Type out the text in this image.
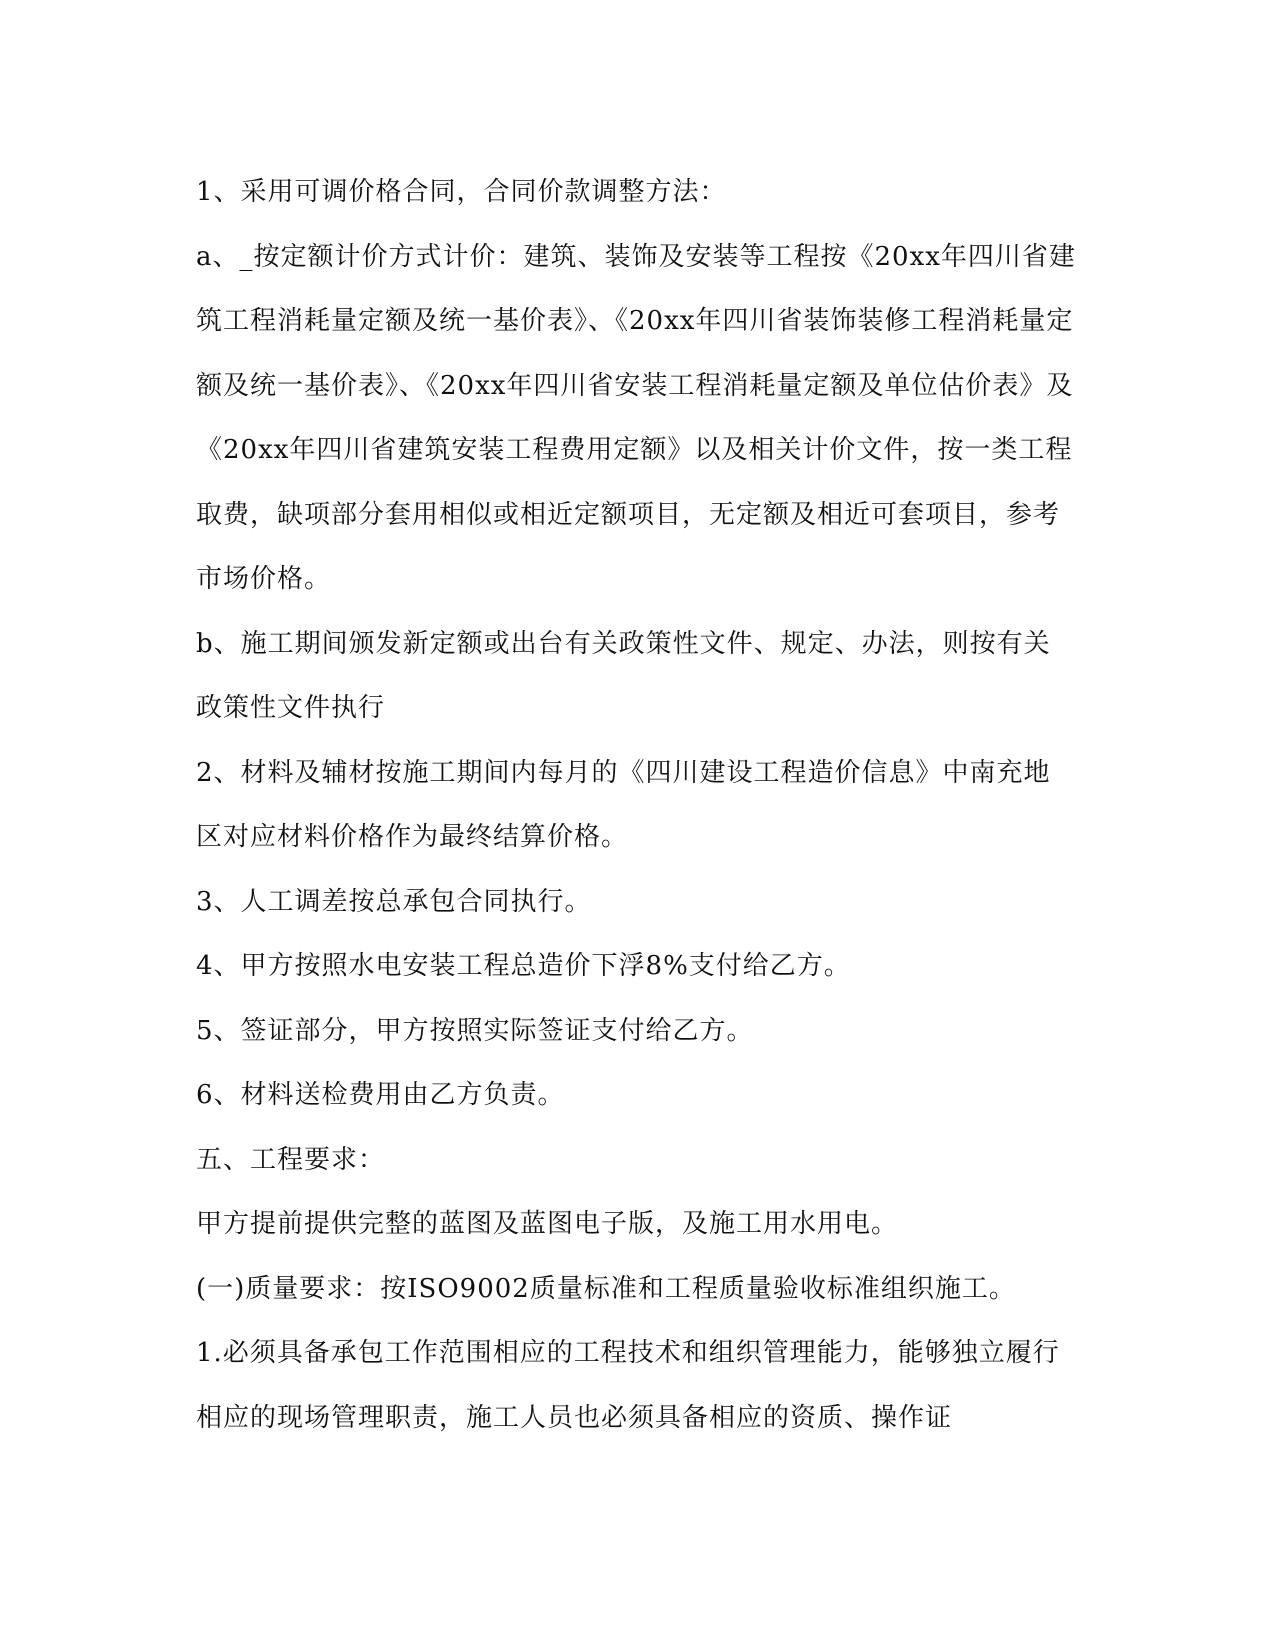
1、采用可调价格合同，合同价款调整方法：

a、_按定额计价方式计价：建筑、装饰及安装等工程按《20xx年四川省建筑工程消耗量定额及统一基价表》、《20xx年四川省装饰装修工程消耗量定额及统一基价表》、《20xx年四川省安装工程消耗量定额及单位估价表》及《20xx年四川省建筑安装工程费用定额》以及相关计价文件，按一类工程取费，缺项部分套用相似或相近定额项目，无定额及相近可套项目，参考市场价格。

b、施工期间颁发新定额或出台有关政策性文件、规定、办法，则按有关政策性文件执行

2、材料及辅材按施工期间内每月的《四川建设工程造价信息》中南充地区对应材料价格作为最终结算价格。

3、人工调差按总承包合同执行。

4、甲方按照水电安装工程总造价下浮8%支付给乙方。

5、签证部分，甲方按照实际签证支付给乙方。

6、材料送检费用由乙方负责。

五、工程要求：

甲方提前提供完整的蓝图及蓝图电子版，及施工用水用电。

(一)质量要求：按ISO9002质量标准和工程质量验收标准组织施工。

1.必须具备承包工作范围相应的工程技术和组织管理能力，能够独立履行相应的现场管理职责，施工人员也必须具备相应的资质、操作证
